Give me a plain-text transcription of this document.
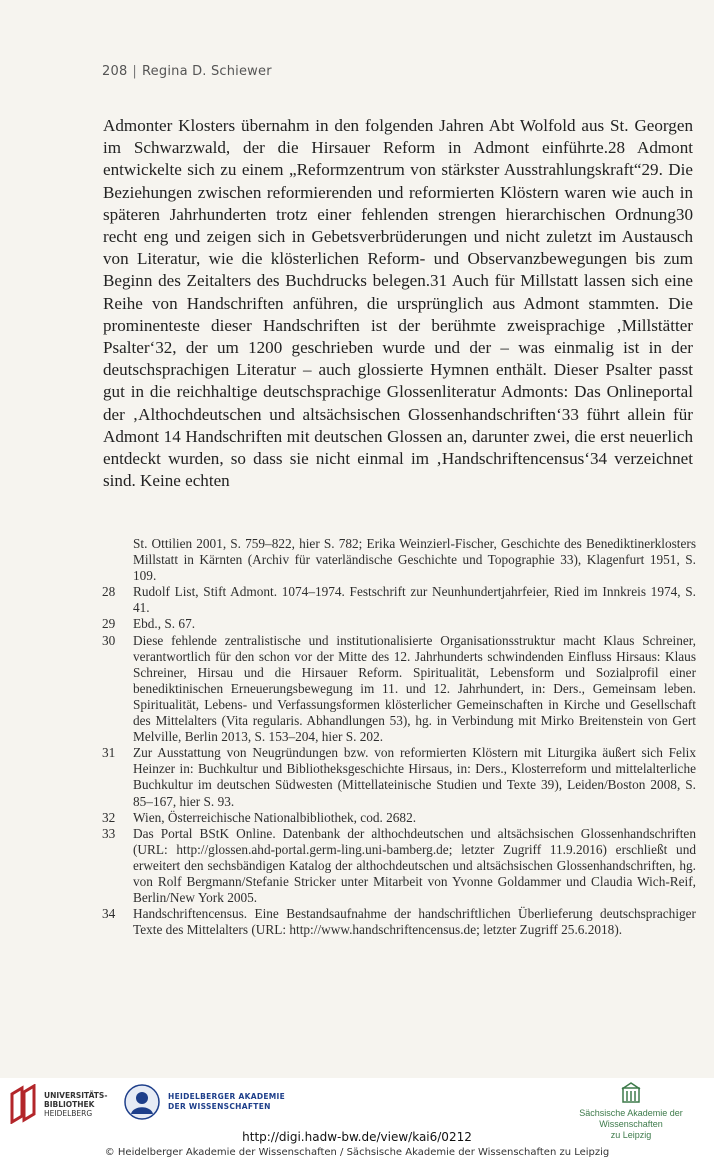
208 | Regina D. Schiewer

Admonter Klosters übernahm in den folgenden Jahren Abt Wolfold aus St. Georgen im Schwarzwald, der die Hirsauer Reform in Admont einführte.28 Admont entwickelte sich zu einem „Reformzentrum von stärkster Ausstrahlungskraft“29. Die Beziehungen zwischen reformierenden und reformierten Klöstern waren wie auch in späteren Jahrhunderten trotz einer fehlenden strengen hierarchischen Ordnung30 recht eng und zeigen sich in Gebetsverbrüderungen und nicht zuletzt im Austausch von Literatur, wie die klösterlichen Reform- und Observanzbewegungen bis zum Beginn des Zeitalters des Buchdrucks belegen.31 Auch für Millstatt lassen sich eine Reihe von Handschriften anführen, die ursprünglich aus Admont stammten. Die prominenteste dieser Handschriften ist der berühmte zweisprachige ‚Millstätter Psalter‘32, der um 1200 geschrieben wurde und der – was einmalig ist in der deutschsprachigen Literatur – auch glossierte Hymnen enthält. Dieser Psalter passt gut in die reichhaltige deutschsprachige Glossenliteratur Admonts: Das Onlineportal der ‚Althochdeutschen und altsächsischen Glossenhandschriften‘33 führt allein für Admont 14 Handschriften mit deutschen Glossen an, darunter zwei, die erst neuerlich entdeckt wurden, so dass sie nicht einmal im ‚Handschriftencensus‘34 verzeichnet sind. Keine echten

St. Ottilien 2001, S. 759–822, hier S. 782; Erika Weinzierl-Fischer, Geschichte des Benediktinerklosters Millstatt in Kärnten (Archiv für vaterländische Geschichte und Topographie 33), Klagenfurt 1951, S. 109.

28 Rudolf List, Stift Admont. 1074–1974. Festschrift zur Neunhundertjahrfeier, Ried im Innkreis 1974, S. 41.

29 Ebd., S. 67.

30 Diese fehlende zentralistische und institutionalisierte Organisationsstruktur macht Klaus Schreiner, verantwortlich für den schon vor der Mitte des 12. Jahrhunderts schwindenden Einfluss Hirsaus: Klaus Schreiner, Hirsau und die Hirsauer Reform. Spiritualität, Lebensform und Sozialprofil einer benediktinischen Erneuerungsbewegung im 11. und 12. Jahrhundert, in: Ders., Gemeinsam leben. Spiritualität, Lebens- und Verfassungsformen klösterlicher Gemeinschaften in Kirche und Gesellschaft des Mittelalters (Vita regularis. Abhandlungen 53), hg. in Verbindung mit Mirko Breitenstein von Gert Melville, Berlin 2013, S. 153–204, hier S. 202.

31 Zur Ausstattung von Neugründungen bzw. von reformierten Klöstern mit Liturgika äußert sich Felix Heinzer in: Buchkultur und Bibliotheksgeschichte Hirsaus, in: Ders., Klosterreform und mittelalterliche Buchkultur im deutschen Südwesten (Mittellateinische Studien und Texte 39), Leiden/Boston 2008, S. 85–167, hier S. 93.

32 Wien, Österreichische Nationalbibliothek, cod. 2682.

33 Das Portal BStK Online. Datenbank der althochdeutschen und altsächsischen Glossenhandschriften (URL: http://glossen.ahd-portal.germ-ling.uni-bamberg.de; letzter Zugriff 11.9.2016) erschließt und erweitert den sechsbändigen Katalog der althochdeutschen und altsächsischen Glossenhandschriften, hg. von Rolf Bergmann/Stefanie Stricker unter Mitarbeit von Yvonne Goldammer und Claudia Wich-Reif, Berlin/New York 2005.

34 Handschriftencensus. Eine Bestandsaufnahme der handschriftlichen Überlieferung deutschsprachiger Texte des Mittelalters (URL: http://www.handschriftencensus.de; letzter Zugriff 25.6.2018).

UNIVERSITÄTS-
BIBLIOTHEK
HEIDELBERG
HEIDELBERGER AKADEMIE
DER WISSENSCHAFTEN
Sächsische Akademie der Wissenschaften
zu Leipzig
http://digi.hadw-bw.de/view/kai6/0212
© Heidelberger Akademie der Wissenschaften / Sächsische Akademie der Wissenschaften zu Leipzig
